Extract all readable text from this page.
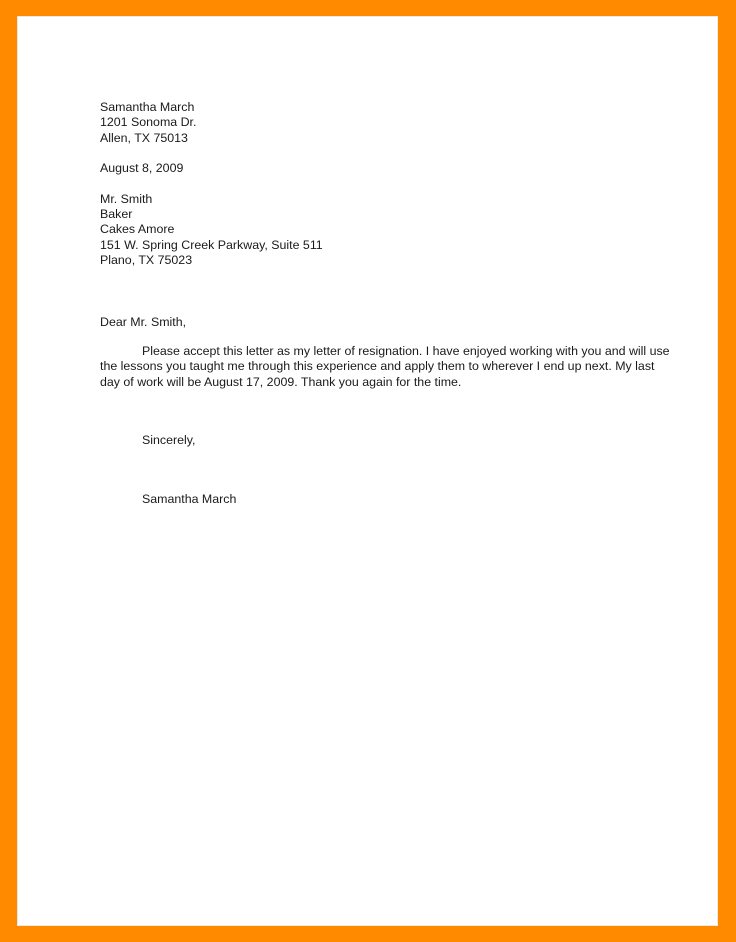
Samantha March
1201 Sonoma Dr.
Allen, TX 75013
August 8, 2009
Mr. Smith
Baker
Cakes Amore
151 W. Spring Creek Parkway, Suite 511
Plano, TX 75023
Dear Mr. Smith,
Please accept this letter as my letter of resignation. I have enjoyed working with you and will use
the lessons you taught me through this experience and apply them to wherever I end up next. My last
day of work will be August 17, 2009. Thank you again for the time.
Sincerely,
Samantha March
